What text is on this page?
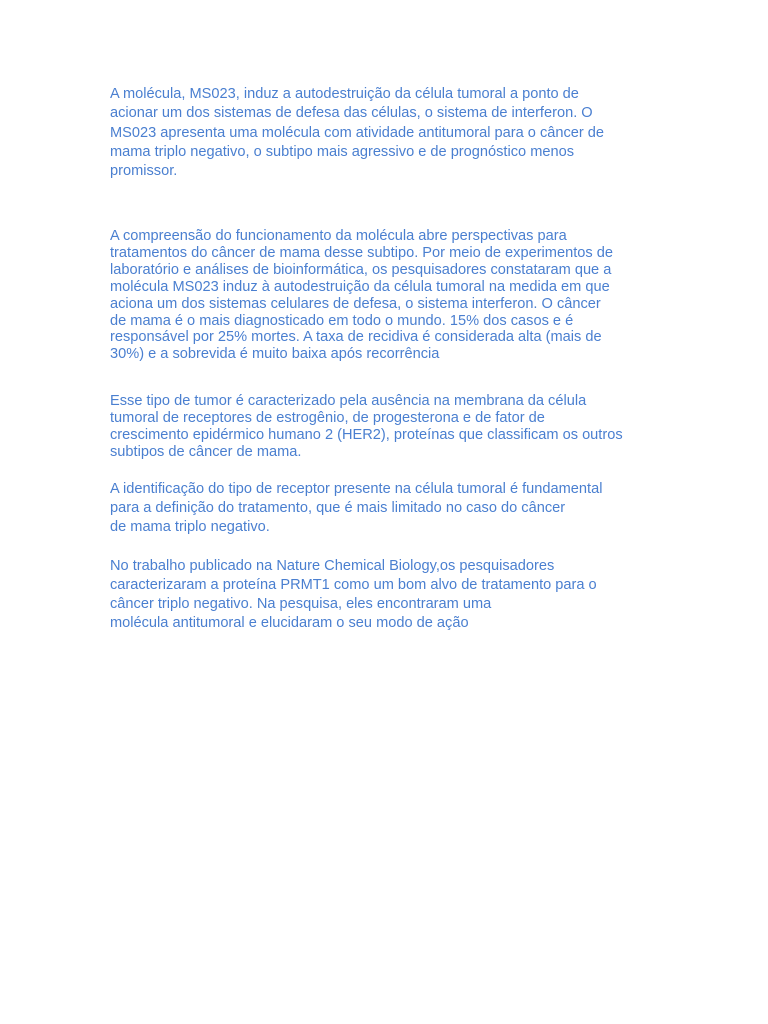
A molécula, MS023, induz a autodestruição da célula tumoral a ponto de
acionar um dos sistemas de defesa das células, o sistema de interferon. O
MS023 apresenta uma molécula com atividade antitumoral para o câncer de
mama triplo negativo, o subtipo mais agressivo e de prognóstico menos
promissor.

A compreensão do funcionamento da molécula abre perspectivas para
tratamentos do câncer de mama desse subtipo. Por meio de experimentos de
laboratório e análises de bioinformática, os pesquisadores constataram que a
molécula MS023 induz à autodestruição da célula tumoral na medida em que
aciona um dos sistemas celulares de defesa, o sistema interferon. O câncer
de mama é o mais diagnosticado em todo o mundo. 15% dos casos e é
responsável por 25% mortes. A taxa de recidiva é considerada alta (mais de
30%) e a sobrevida é muito baixa após recorrência

Esse tipo de tumor é caracterizado pela ausência na membrana da célula
tumoral de receptores de estrogênio, de progesterona e de fator de
crescimento epidérmico humano 2 (HER2), proteínas que classificam os outros
subtipos de câncer de mama.

A identificação do tipo de receptor presente na célula tumoral é fundamental
para a definição do tratamento, que é mais limitado no caso do câncer
de mama triplo negativo.

No trabalho publicado na Nature Chemical Biology,os pesquisadores
caracterizaram a proteína PRMT1 como um bom alvo de tratamento para o
câncer triplo negativo. Na pesquisa, eles encontraram uma
molécula antitumoral e elucidaram o seu modo de ação
